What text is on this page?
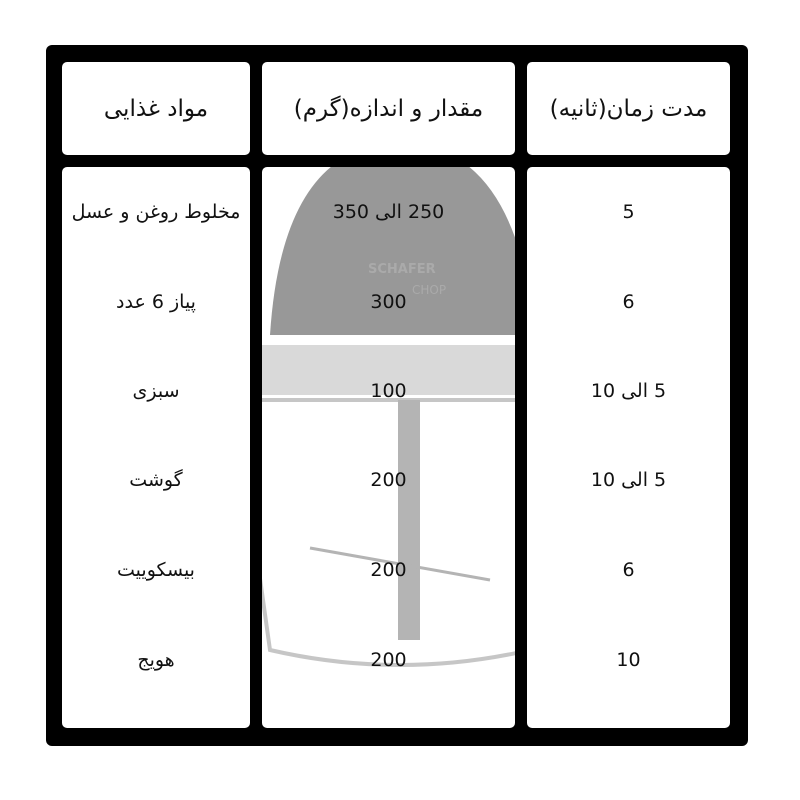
مواد غذایی	مقدار و اندازه(گرم)	مدت زمان(ثانیه)
مخلوط روغن و عسل
پیاز 6 عدد
سبزی
گوشت
بیسکوییت
هویج
SCHAFER
CHOP
250 الی 350
300
100
200
200
200
5
6
5 الی 10
5 الی 10
6
10
